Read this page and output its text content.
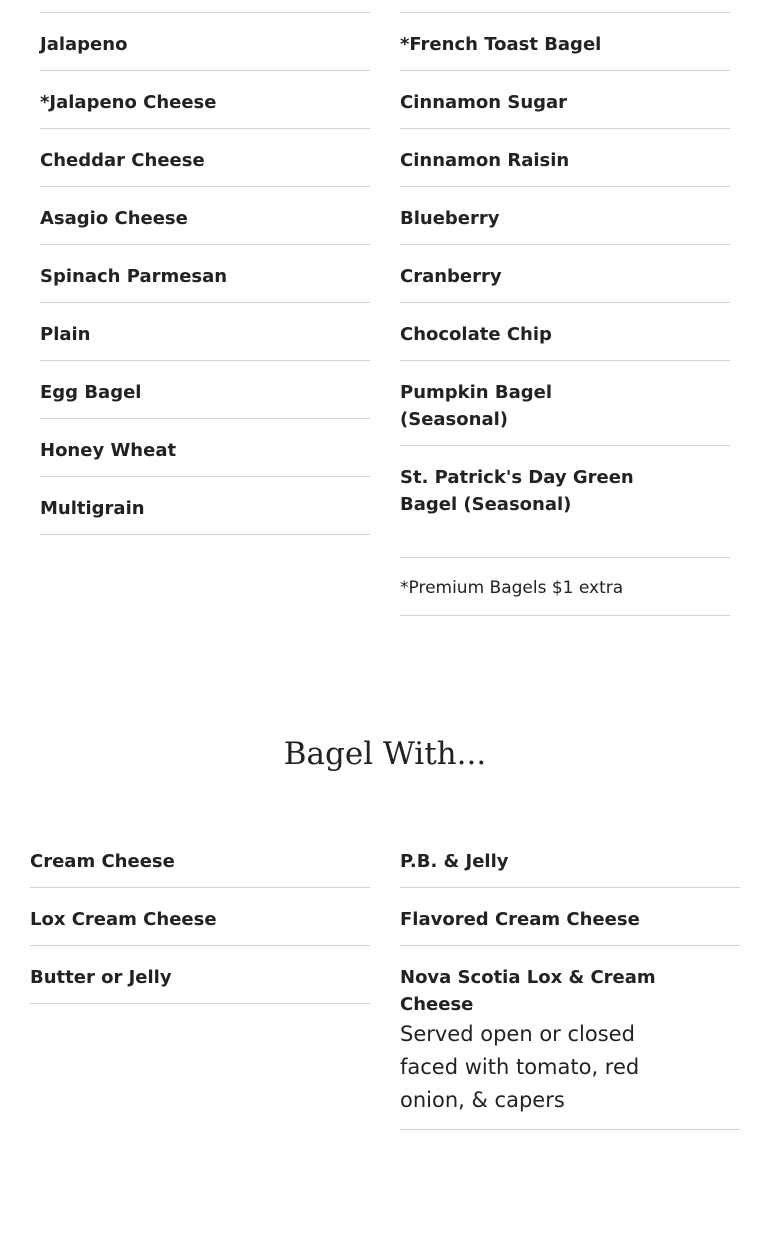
Jalapeno
*Jalapeno Cheese
Cheddar Cheese
Asagio Cheese
Spinach Parmesan
Plain
Egg Bagel
Honey Wheat
Multigrain
*French Toast Bagel
Cinnamon Sugar
Cinnamon Raisin
Blueberry
Cranberry
Chocolate Chip
Pumpkin Bagel (Seasonal)
St. Patrick's Day Green Bagel (Seasonal)
*Premium Bagels $1 extra
Bagel With...
Cream Cheese
Lox Cream Cheese
Butter or Jelly
P.B. & Jelly
Flavored Cream Cheese
Nova Scotia Lox & Cream Cheese
Served open or closed faced with tomato, red onion, & capers
